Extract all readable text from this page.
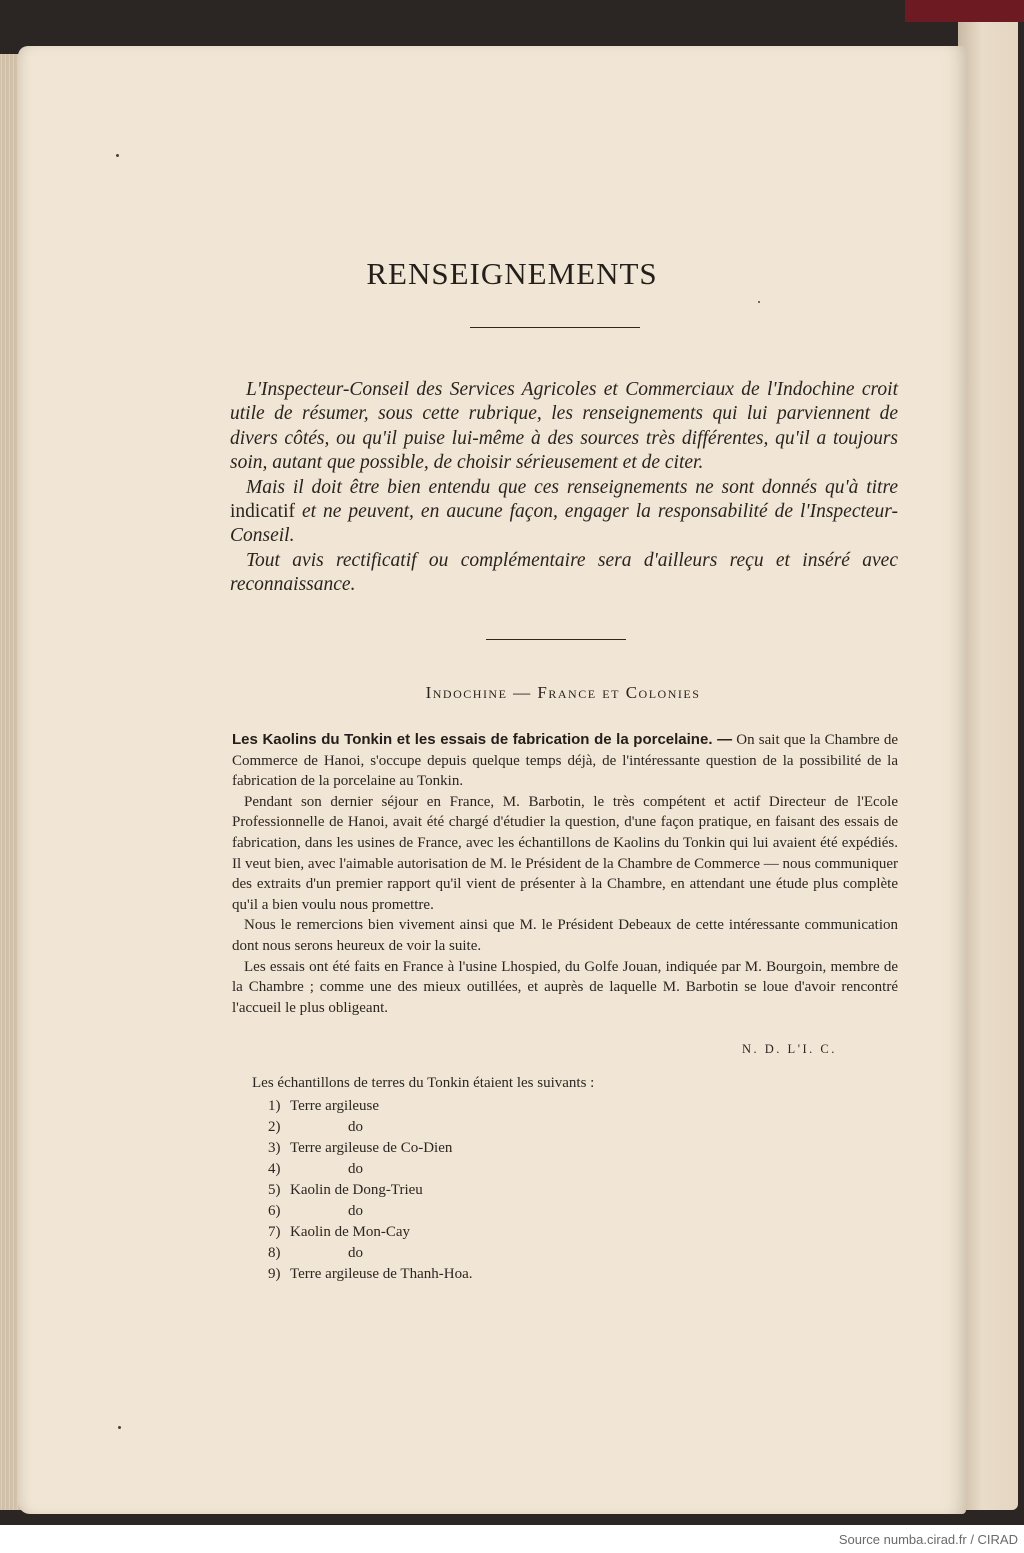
RENSEIGNEMENTS

L'Inspecteur-Conseil des Services Agricoles et Commerciaux de l'Indochine croit utile de résumer, sous cette rubrique, les renseignements qui lui parviennent de divers côtés, ou qu'il puise lui-même à des sources très différentes, qu'il a toujours soin, autant que possible, de choisir sérieusement et de citer.

Mais il doit être bien entendu que ces renseignements ne sont donnés qu'à titre indicatif et ne peuvent, en aucune façon, engager la responsabilité de l'Inspecteur-Conseil.

Tout avis rectificatif ou complémentaire sera d'ailleurs reçu et inséré avec reconnaissance.

Indochine — France et Colonies

Les Kaolins du Tonkin et les essais de fabrication de la porcelaine. — On sait que la Chambre de Commerce de Hanoi, s'occupe depuis quelque temps déjà, de l'intéressante question de la possibilité de la fabrication de la porcelaine au Tonkin.

Pendant son dernier séjour en France, M. Barbotin, le très compétent et actif Directeur de l'Ecole Professionnelle de Hanoi, avait été chargé d'étudier la question, d'une façon pratique, en faisant des essais de fabrication, dans les usines de France, avec les échantillons de Kaolins du Tonkin qui lui avaient été expédiés. Il veut bien, avec l'aimable autorisation de M. le Président de la Chambre de Commerce — nous communiquer des extraits d'un premier rapport qu'il vient de présenter à la Chambre, en attendant une étude plus complète qu'il a bien voulu nous promettre.

Nous le remercions bien vivement ainsi que M. le Président Debeaux de cette intéressante communication dont nous serons heureux de voir la suite.

Les essais ont été faits en France à l'usine Lhospied, du Golfe Jouan, indiquée par M. Bourgoin, membre de la Chambre ; comme une des mieux outillées, et auprès de laquelle M. Barbotin se loue d'avoir rencontré l'accueil le plus obligeant.

N. D. L'I. C.
Les échantillons de terres du Tonkin étaient les suivants :
1) Terre argileuse
2)	do
3) Terre argileuse de Co-Dien
4)	do
5) Kaolin de Dong-Trieu
6)	do
7) Kaolin de Mon-Cay
8)	do
9) Terre argileuse de Thanh-Hoa.
Source numba.cirad.fr / CIRAD
